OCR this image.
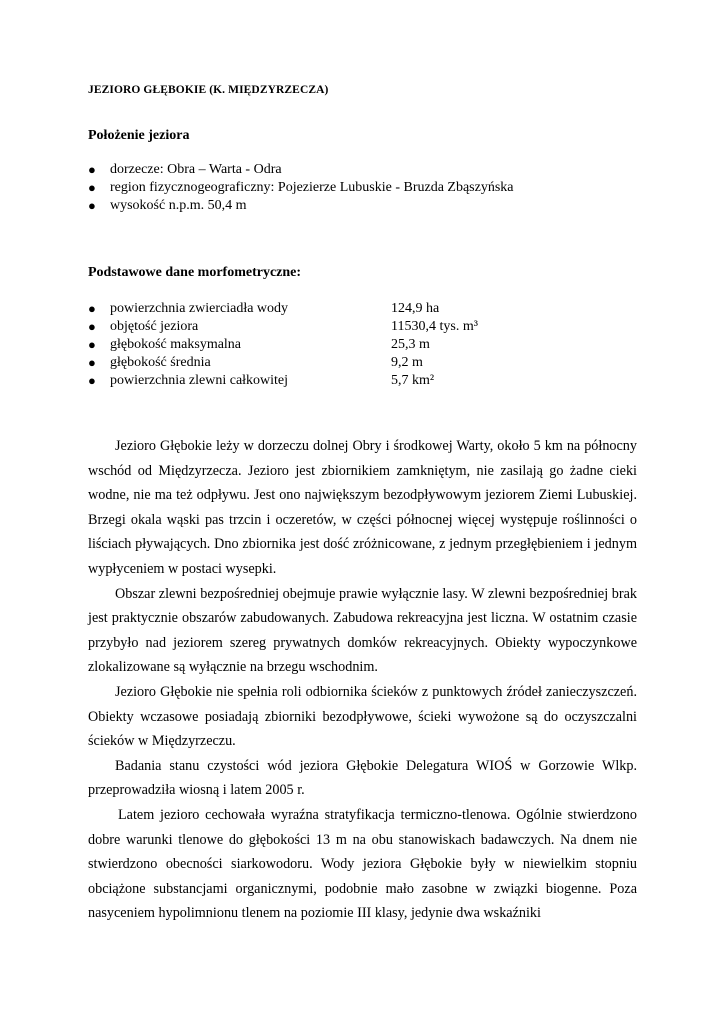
JEZIORO GŁĘBOKIE (K. MIĘDZYRZECZA)
Położenie jeziora
● dorzecze: Obra – Warta - Odra
● region fizycznogeograficzny: Pojezierze Lubuskie - Bruzda Zbąszyńska
● wysokość n.p.m. 50,4 m
Podstawowe dane morfometryczne:
● powierzchnia zwierciadła wody	124,9 ha
● objętość jeziora	11530,4 tys. m³
● głębokość maksymalna	25,3 m
● głębokość średnia	9,2 m
● powierzchnia zlewni całkowitej	5,7 km²

Jezioro Głębokie leży w dorzeczu dolnej Obry i środkowej Warty, około 5 km na północny wschód od Międzyrzecza. Jezioro jest zbiornikiem zamkniętym, nie zasilają go żadne cieki wodne, nie ma też odpływu. Jest ono największym bezodpływowym jeziorem Ziemi Lubuskiej. Brzegi okala wąski pas trzcin i oczeretów, w części północnej więcej występuje roślinności o liściach pływających. Dno zbiornika jest dość zróżnicowane, z jednym przegłębieniem i jednym wypłyceniem w postaci wysepki.

Obszar zlewni bezpośredniej obejmuje prawie wyłącznie lasy. W zlewni bezpośredniej brak jest praktycznie obszarów zabudowanych. Zabudowa rekreacyjna jest liczna. W ostatnim czasie przybyło nad jeziorem szereg prywatnych domków rekreacyjnych. Obiekty wypoczynkowe zlokalizowane są wyłącznie na brzegu wschodnim.

Jezioro Głębokie nie spełnia roli odbiornika ścieków z punktowych źródeł zanieczyszczeń. Obiekty wczasowe posiadają zbiorniki bezodpływowe, ścieki wywożone są do oczyszczalni ścieków w Międzyrzeczu.

Badania stanu czystości wód jeziora Głębokie Delegatura WIOŚ w Gorzowie Wlkp. przeprowadziła wiosną i latem 2005 r.

Latem jezioro cechowała wyraźna stratyfikacja termiczno-tlenowa. Ogólnie stwierdzono dobre warunki tlenowe do głębokości 13 m na obu stanowiskach badawczych. Na dnem nie stwierdzono obecności siarkowodoru. Wody jeziora Głębokie były w niewielkim stopniu obciążone substancjami organicznymi, podobnie mało zasobne w związki biogenne. Poza nasyceniem hypolimnionu tlenem na poziomie III klasy, jedynie dwa wskaźniki
